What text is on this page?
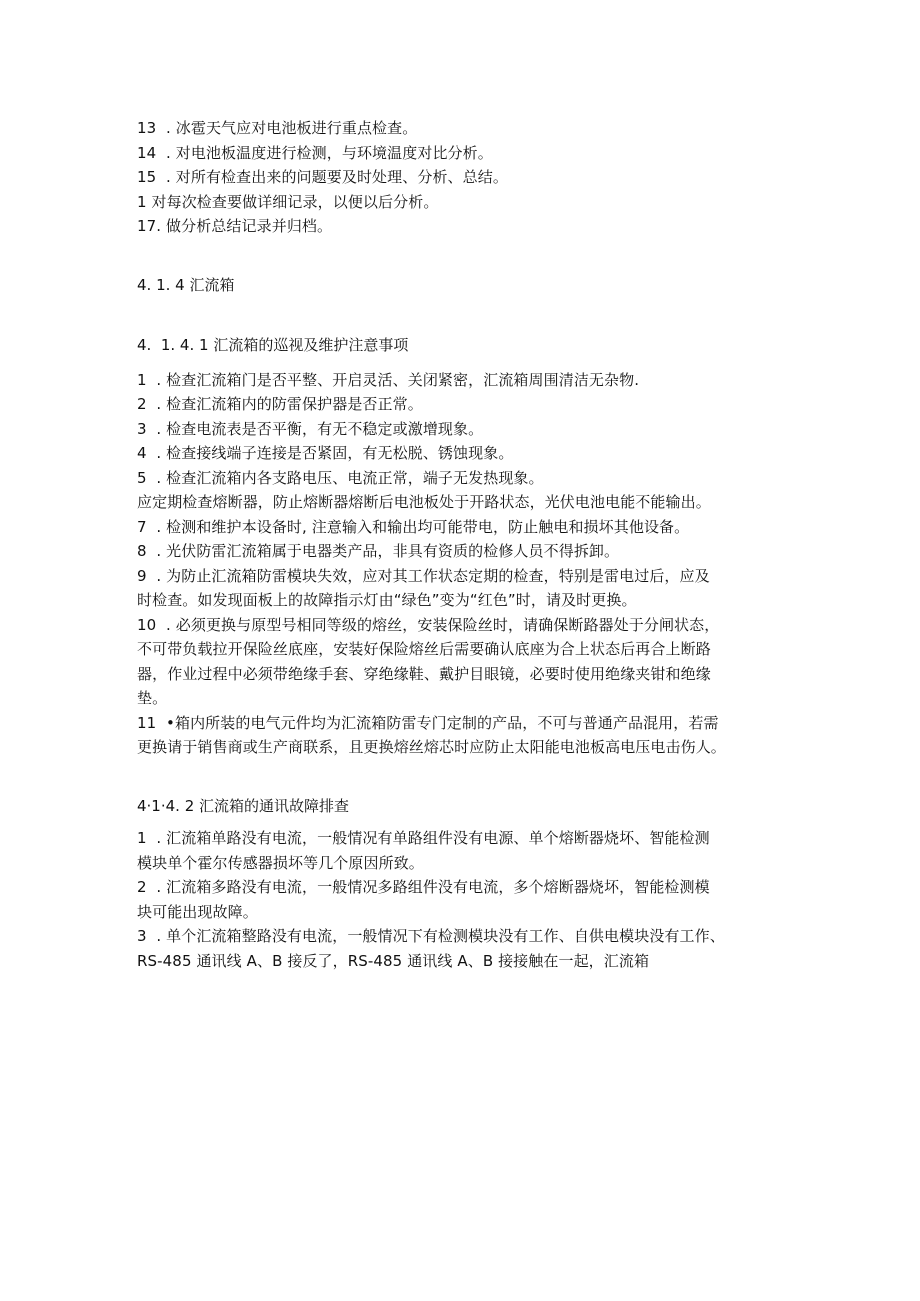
13  . 冰雹天气应对电池板进行重点检查。
14  . 对电池板温度进行检测，与环境温度对比分析。
15  . 对所有检查出来的问题要及时处理、分析、总结。
1 对每次检查要做详细记录，以便以后分析。
17. 做分析总结记录并归档。
4. 1. 4 汇流箱
4.  1. 4. 1 汇流箱的巡视及维护注意事项
1  . 检查汇流箱门是否平整、开启灵活、关闭紧密，汇流箱周围清洁无杂物.
2  . 检查汇流箱内的防雷保护器是否正常。
3  . 检查电流表是否平衡，有无不稳定或激增现象。
4  . 检查接线端子连接是否紧固，有无松脱、锈蚀现象。
5  . 检查汇流箱内各支路电压、电流正常，端子无发热现象。
应定期检查熔断器，防止熔断器熔断后电池板处于开路状态，光伏电池电能不能输出。
7  . 检测和维护本设备时, 注意输入和输出均可能带电，防止触电和损坏其他设备。
8  . 光伏防雷汇流箱属于电器类产品，非具有资质的检修人员不得拆卸。
9  . 为防止汇流箱防雷模块失效，应对其工作状态定期的检查，特别是雷电过后，应及
时检查。如发现面板上的故障指示灯由“绿色”变为“红色”时，请及时更换。
10  . 必须更换与原型号相同等级的熔丝，安装保险丝时，请确保断路器处于分闸状态，
不可带负载拉开保险丝底座，安装好保险熔丝后需要确认底座为合上状态后再合上断路
器，作业过程中必须带绝缘手套、穿绝缘鞋、戴护目眼镜，必要时使用绝缘夹钳和绝缘
垫。
11  •箱内所装的电气元件均为汇流箱防雷专门定制的产品，不可与普通产品混用，若需
更换请于销售商或生产商联系，且更换熔丝熔芯时应防止太阳能电池板高电压电击伤人。
4·1·4. 2 汇流箱的通讯故障排查
1  . 汇流箱单路没有电流，一般情况有单路组件没有电源、单个熔断器烧坏、智能检测
模块单个霍尔传感器损坏等几个原因所致。
2  . 汇流箱多路没有电流，一般情况多路组件没有电流，多个熔断器烧坏，智能检测模
块可能出现故障。
3  . 单个汇流箱整路没有电流，一般情况下有检测模块没有工作、自供电模块没有工作、
RS-485 通讯线 A、B 接反了，RS-485 通讯线 A、B 接接触在一起，汇流箱
